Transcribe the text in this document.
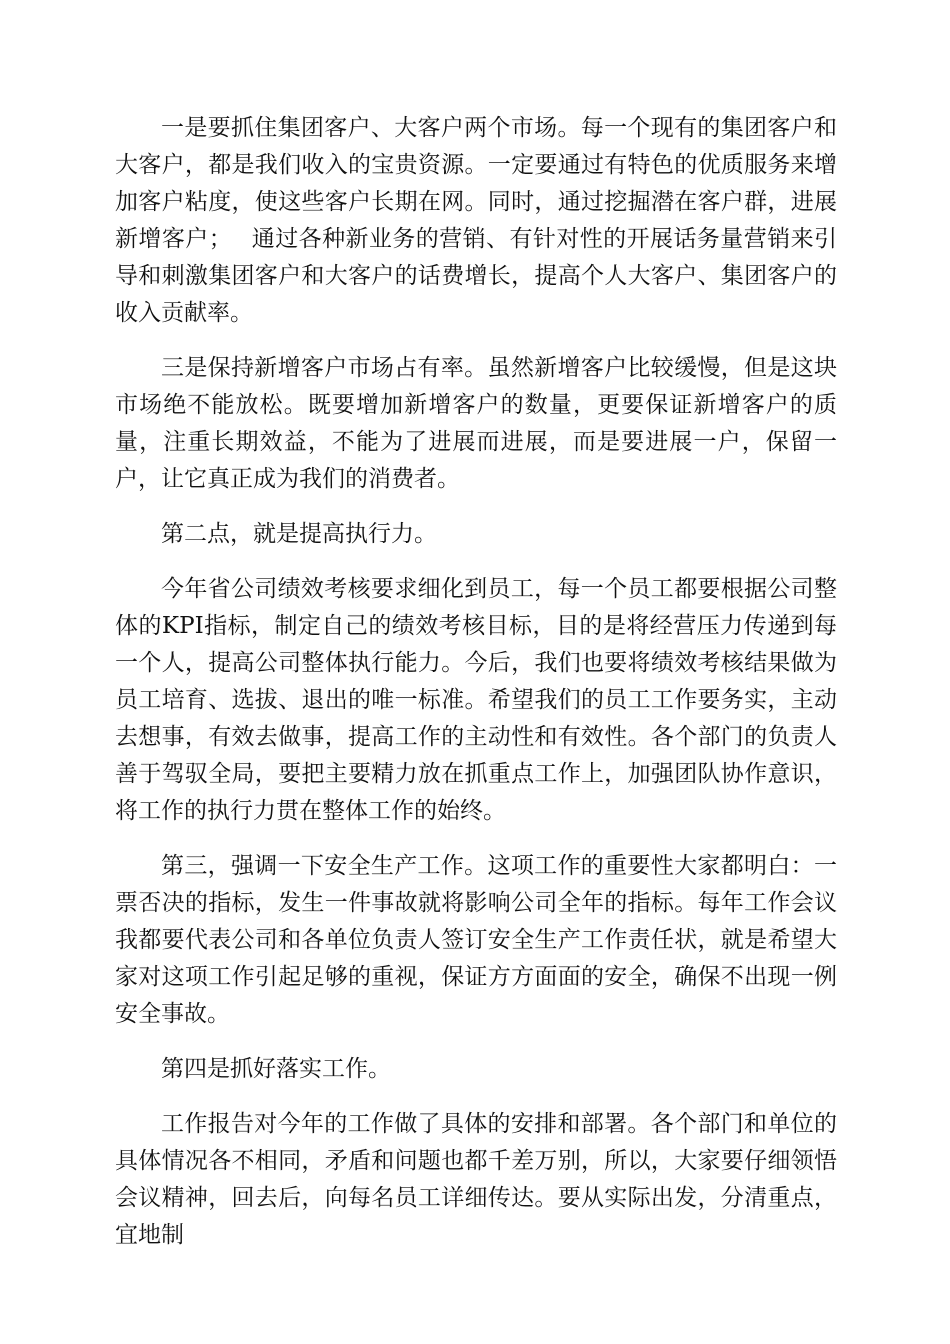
一是要抓住集团客户、大客户两个市场。每一个现有的集团客户和大客户，都是我们收入的宝贵资源。一定要通过有特色的优质服务来增加客户粘度，使这些客户长期在网。同时，通过挖掘潜在客户群，进展新增客户；　 通过各种新业务的营销、有针对性的开展话务量营销来引导和刺激集团客户和大客户的话费增长，提高个人大客户、集团客户的收入贡献率。

三是保持新增客户市场占有率。虽然新增客户比较缓慢，但是这块市场绝不能放松。既要增加新增客户的数量，更要保证新增客户的质量，注重长期效益，不能为了进展而进展，而是要进展一户，保留一户，让它真正成为我们的消费者。

第二点，就是提高执行力。

今年省公司绩效考核要求细化到员工，每一个员工都要根据公司整体的KPI指标，制定自己的绩效考核目标，目的是将经营压力传递到每一个人，提高公司整体执行能力。今后，我们也要将绩效考核结果做为员工培育、选拔、退出的唯一标准。希望我们的员工工作要务实，主动去想事，有效去做事，提高工作的主动性和有效性。各个部门的负责人善于驾驭全局，要把主要精力放在抓重点工作上，加强团队协作意识，将工作的执行力贯在整体工作的始终。

第三，强调一下安全生产工作。这项工作的重要性大家都明白：一票否决的指标，发生一件事故就将影响公司全年的指标。每年工作会议我都要代表公司和各单位负责人签订安全生产工作责任状，就是希望大家对这项工作引起足够的重视，保证方方面面的安全，确保不出现一例安全事故。

第四是抓好落实工作。

工作报告对今年的工作做了具体的安排和部署。各个部门和单位的具体情况各不相同，矛盾和问题也都千差万别，所以，大家要仔细领悟会议精神，回去后，向每名员工详细传达。要从实际出发，分清重点，宜地制
